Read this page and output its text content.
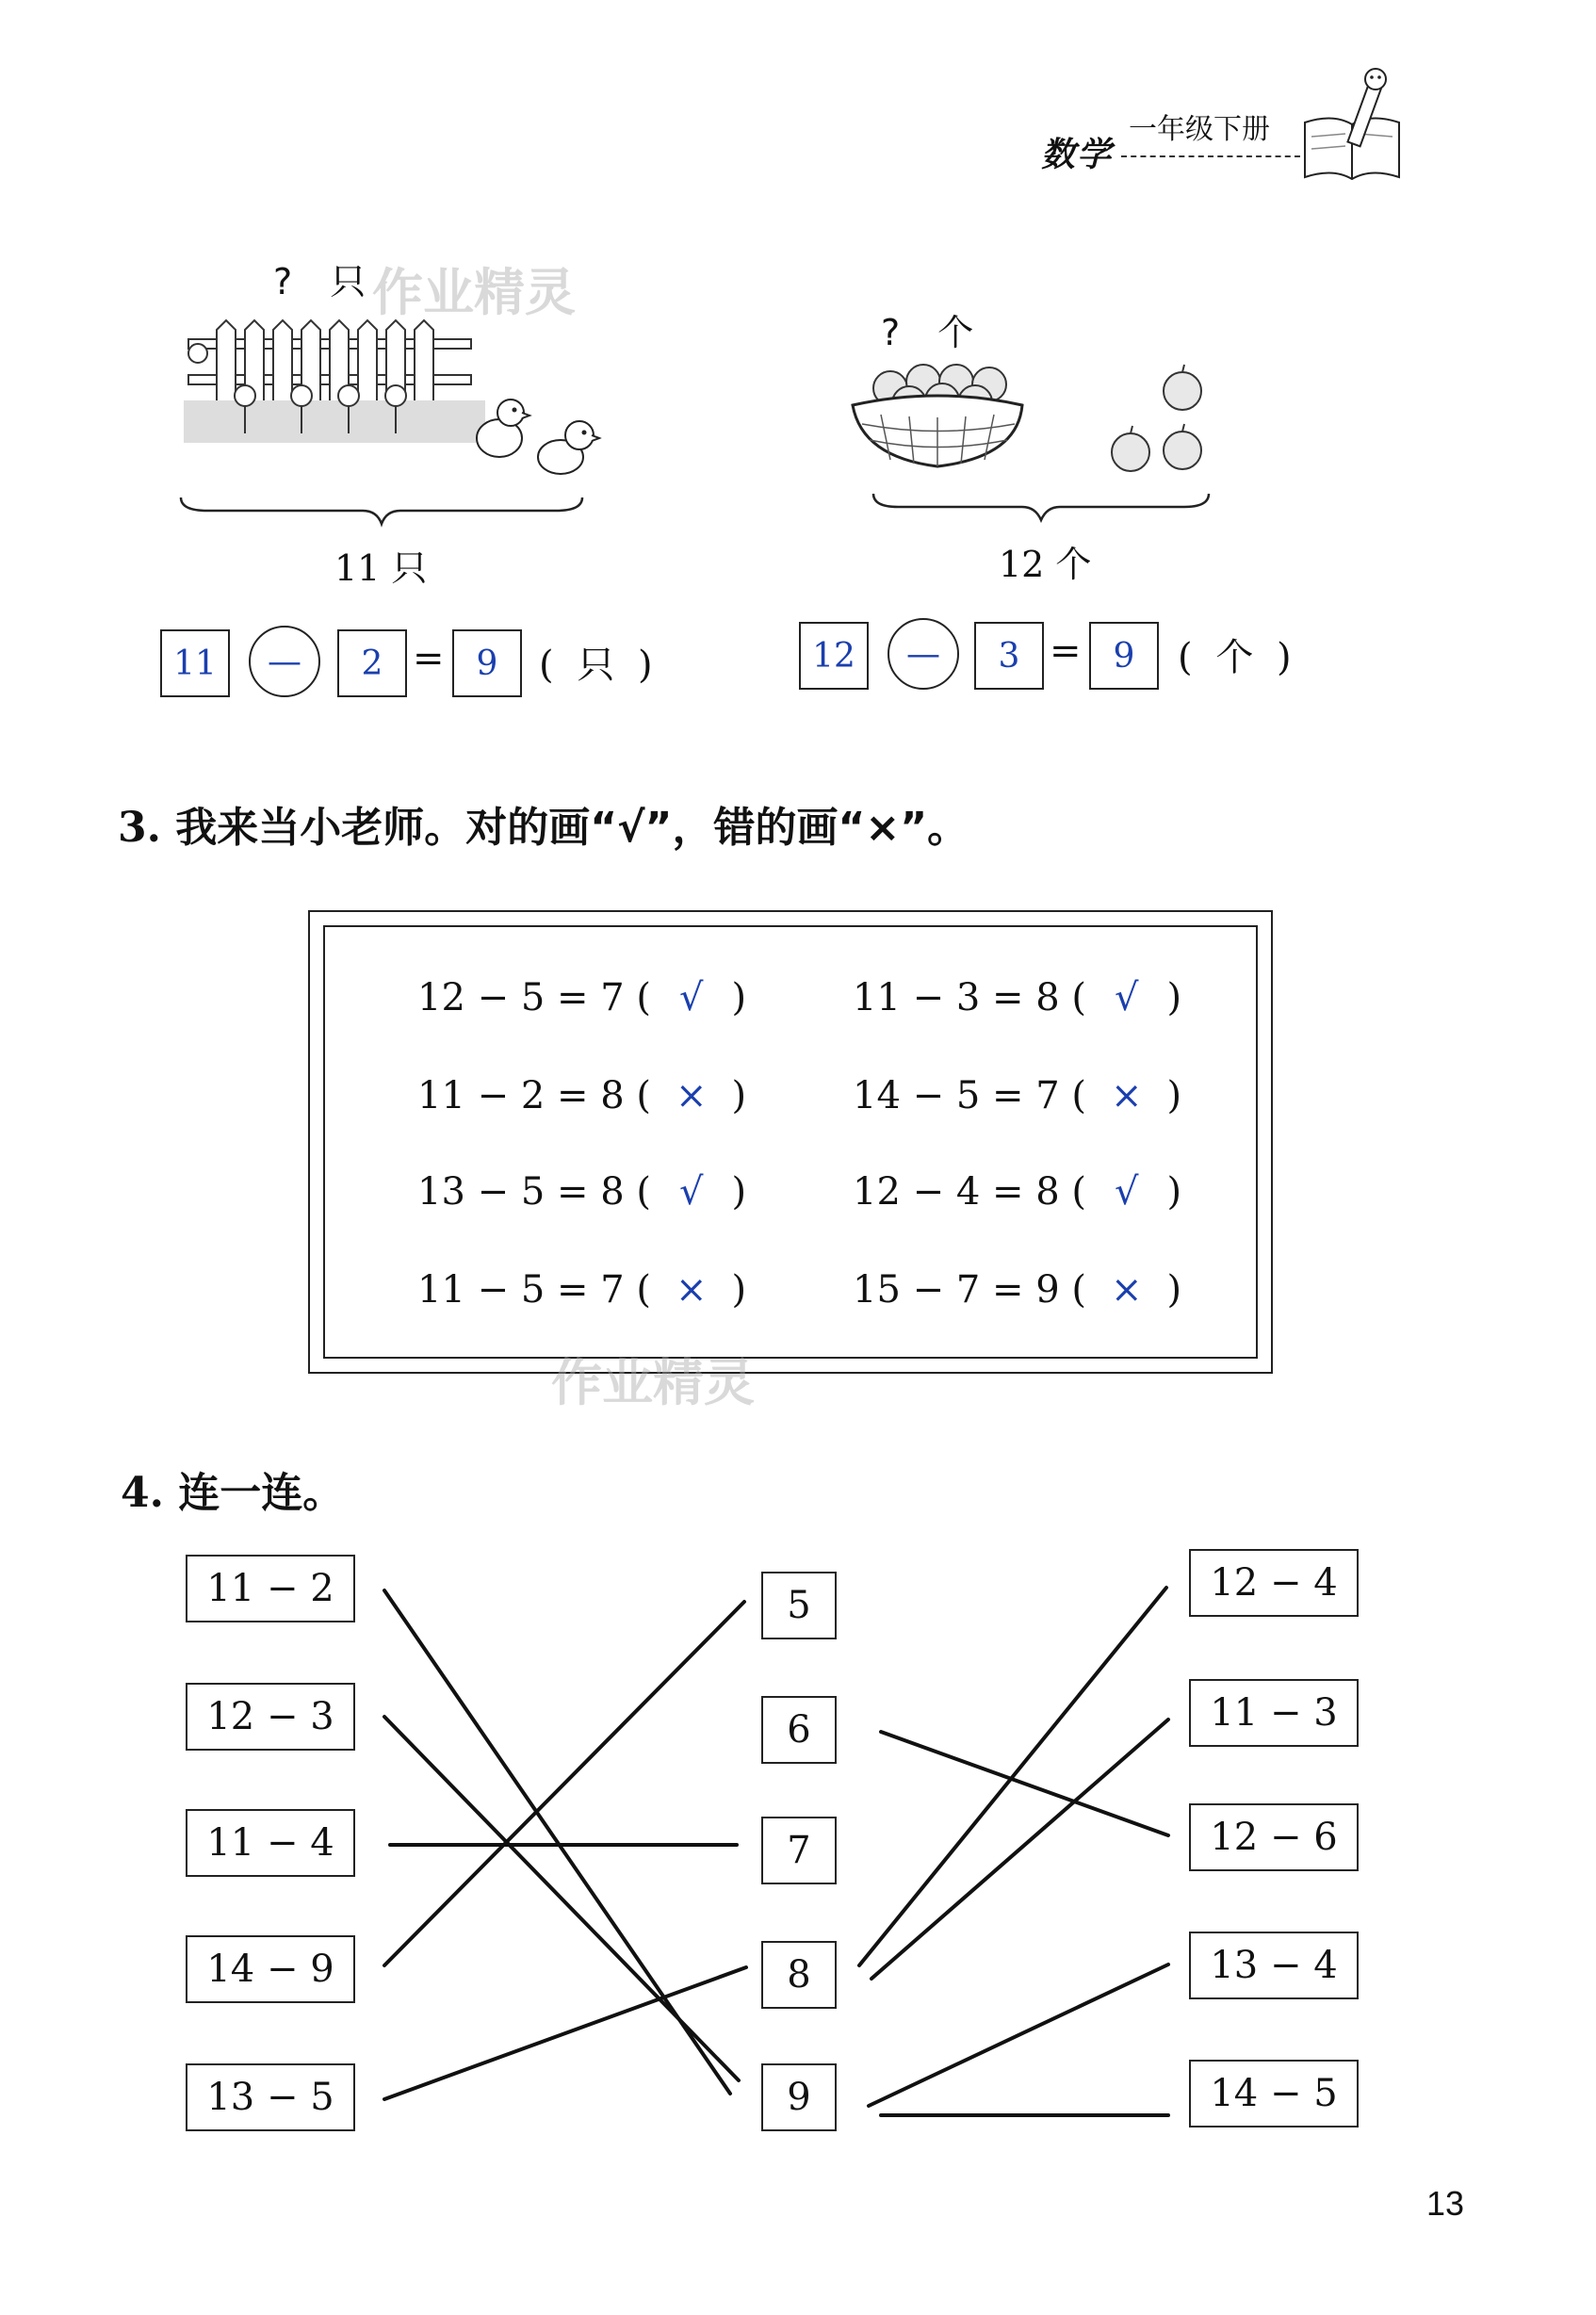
数学
一年级下册
? 只
11 只
11	—	2 = 9	( 只 )
? 个
12 个
12	—	3 = 9	( 个 )
作业精灵
3. 我来当小老师。对的画“√”，错的画“×”。
12 − 5 = 7 ( √ )	11 − 3 = 8 ( √ )
11 − 2 = 8 ( × )	14 − 5 = 7 ( × )
13 − 5 = 8 ( √ )	12 − 4 = 8 ( √ )
11 − 5 = 7 ( × )	15 − 7 = 9 ( × )
作业精灵
4. 连一连。
11 − 2
12 − 3
11 − 4
14 − 9
13 − 5
5
6
7
8
9
12 − 4
11 − 3
12 − 6
13 − 4
14 − 5
13
